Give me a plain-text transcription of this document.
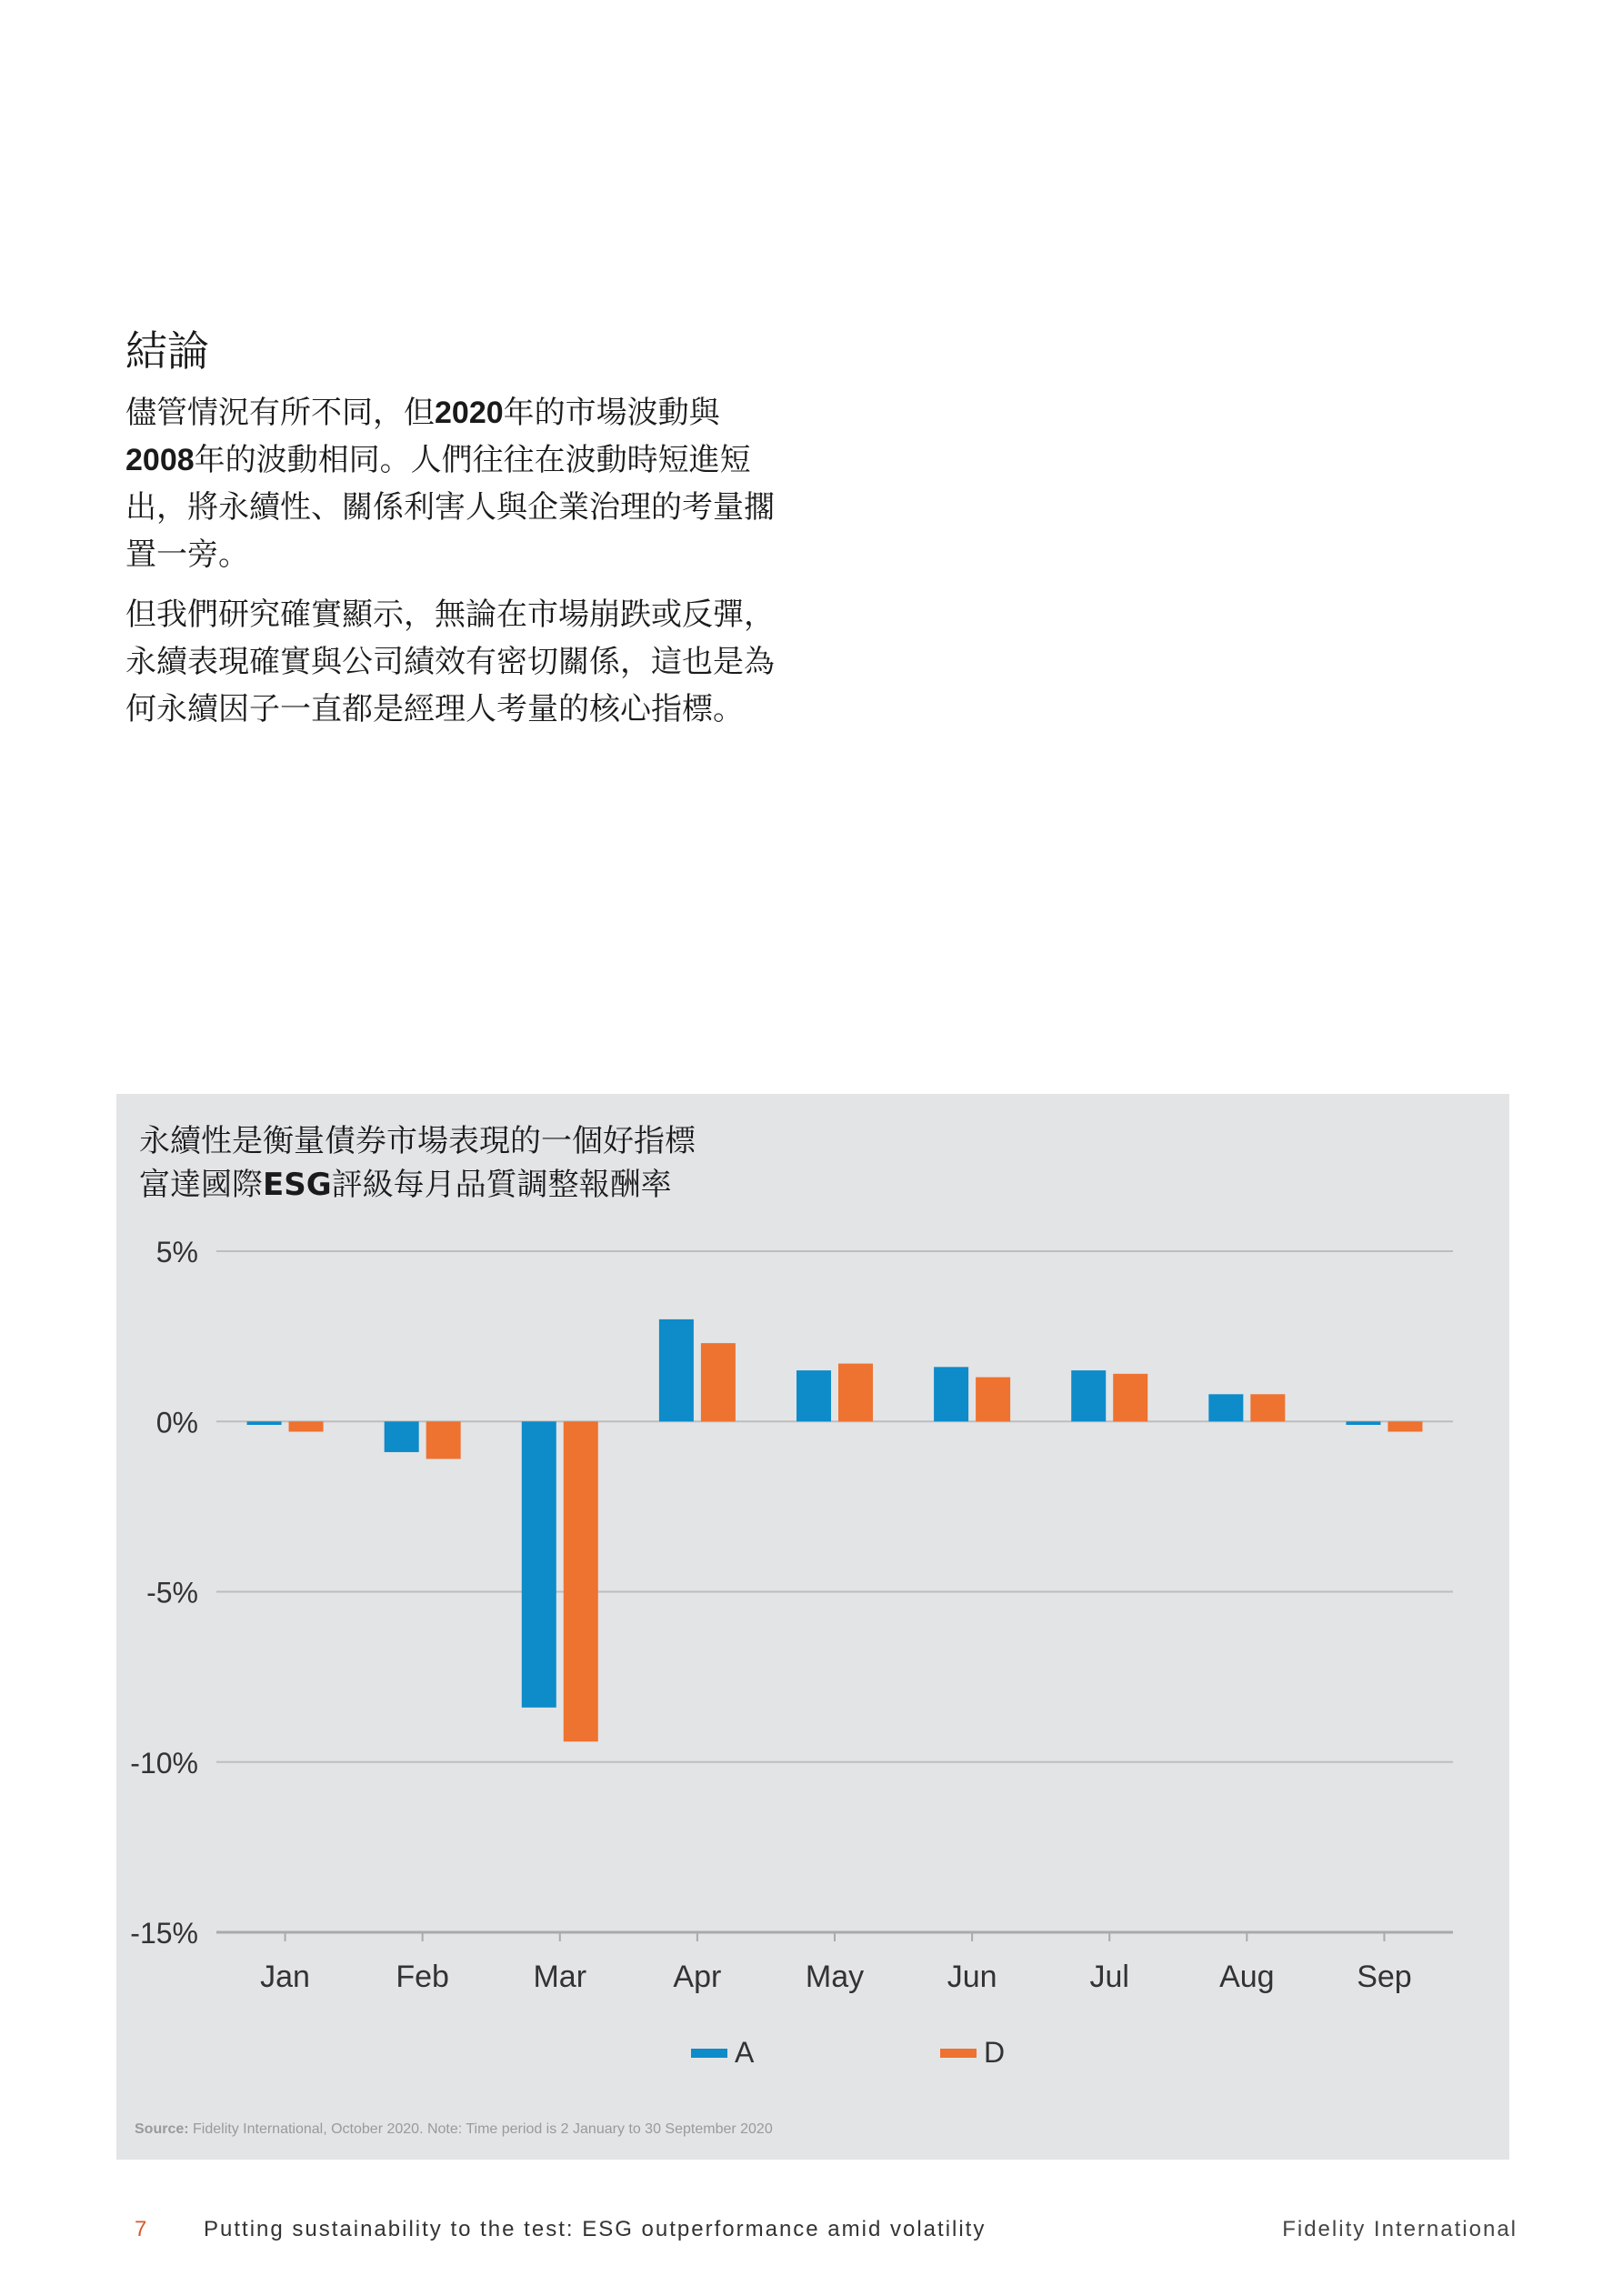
結論

儘管情況有所不同，但2020年的市場波動與2008年的波動相同。人們往往在波動時短進短出，將永續性、關係利害人與企業治理的考量擱置一旁。

但我們研究確實顯示，無論在市場崩跌或反彈，永續表現確實與公司績效有密切關係，這也是為何永續因子一直都是經理人考量的核心指標。

永續性是衡量債券市場表現的一個好指標
富達國際ESG評級每月品質調整報酬率
5%
0%
-5%
-10%
-15%
Jan	Feb	Mar	Apr	May	Jun	Jul	Aug	Sep
A	D
Source: Fidelity International, October 2020. Note: Time period is 2 January to 30 September 2020
7	Putting sustainability to the test: ESG outperformance amid volatility	Fidelity International
